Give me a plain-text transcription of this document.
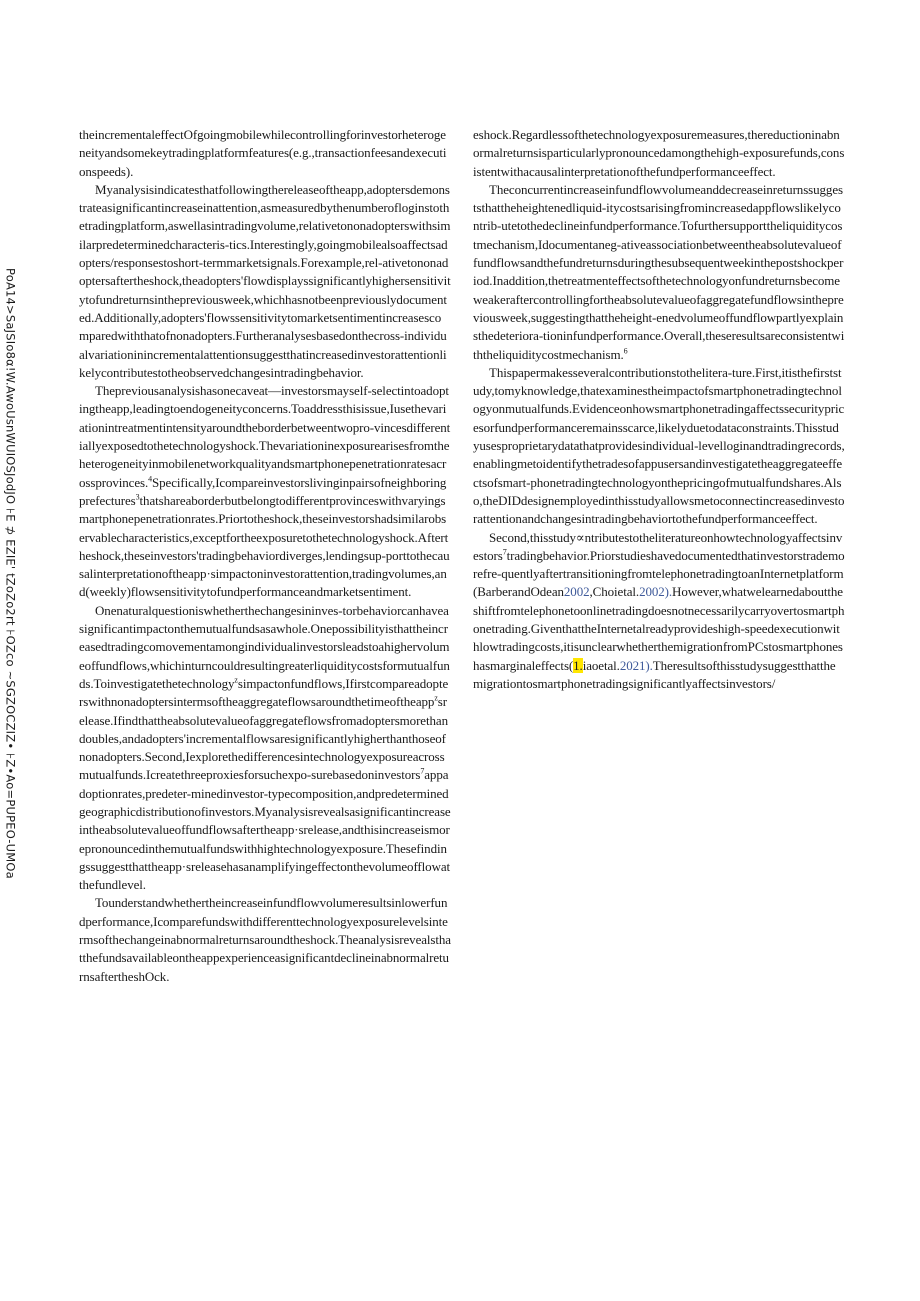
PoA14>SaJSIo8α!W.AwoUsnWUIOSJodJO ⊦E ⊅ EZIE' tZoZo2rt ⊦OZco ~SGZOCZIZ• ⊦Z•Ao=PUPEO-UMOa

theincrementaleffectOfgoingmobilewhilecontrollingforinvestorheterogeneityandsomekeytradingplatformfeatures(e.g.,transactionfeesandexecutionspeeds).

Myanalysisindicatesthatfollowingthereleaseoftheapp,adoptersdemonstrateasignificantincreaseinattention,asmeasuredbythenumberofloginstothetradingplatform,aswellasintradingvolume,relativetononadopterswithsimilarpredeterminedcharacteris-tics.Interestingly,goingmobilealsoaffectsadopters/responsestoshort-termmarketsignals.Forexample,rel-ativetononadoptersaftertheshock,theadopters'flowdisplayssignificantlyhighersensitivitytofundreturnsinthepreviousweek,whichhasnotbeenpreviouslydocumented.Additionally,adopters'flowssensitivitytomarketsentimentincreasescomparedwiththatofnonadopters.Furtheranalysesbasedonthecross-individualvariationinincrementalattentionsuggestthatincreasedinvestorattentionlikelycontributestotheobservedchangesintradingbehavior.

Thepreviousanalysishasonecaveat—investorsmayself-selectintoadoptingtheapp,leadingtoendogeneityconcerns.Toaddressthisissue,Iusethevariationintreatmentintensityaroundtheborderbetweentwopro-vincesdifferentiallyexposedtothetechnologyshock.Thevariationinexposurearisesfromtheheterogeneityinmobilenetworkqualityandsmartphonepenetrationratesacrossprovinces.$^4$Specifically,Icompareinvestorslivinginpairsofneighboringprefectures$^3$thatshareaborderbutbelongtodifferentprovinceswithvaryingsmartphonepenetrationrates.Priortotheshock,theseinvestorshadsimilarobservablecharacteristics,exceptfortheexposuretothetechnologyshock.Aftertheshock,theseinvestors'tradingbehaviordiverges,lendingsup-porttothecausalinterpretationoftheapp·simpactoninvestorattention,tradingvolumes,and(weekly)flowsensitivitytofundperformanceandmarketsentiment.

Onenaturalquestioniswhetherthechangesininves-torbehaviorcanhaveasignificantimpactonthemutualfundsasawhole.Onepossibilityisthattheincreasedtradingcomovementamongindividualinvestorsleadstoahighervolumeoffundflows,whichinturncouldresultingreaterliquiditycostsformutualfunds.Toinvestigatethetechnology$^z$simpactonfundflows,Ifirstcompareadopterswithnonadoptersintermsoftheaggregateflowsaroundthetimeoftheapp$^z$srelease.Ifindthattheabsolutevalueofaggregateflowsfromadoptersmorethandoubles,andadopters'incrementalflowsaresignificantlyhigherthanthoseofnonadopters.Second,Iexplorethedifferencesintechnologyexposureacrossmutualfunds.Icreatethreeproxiesforsuchexpo-surebasedoninvestors$^7$appadoptionrates,predeter-minedinvestor-typecomposition,andpredeterminedgeographicdistributionofinvestors.Myanalysisrevealsasignificantincreaseintheabsolutevalueoffundflowsaftertheapp·srelease,andthisincreaseismorepronouncedinthemutualfundswithhightechnologyexposure.Thesefindingssuggestthattheapp·sreleasehasanamplifyingeffectonthevolumeofflowatthefundlevel.

Tounderstandwhethertheincreaseinfundflowvolumeresultsinlowerfundperformance,Icomparefundswithdifferenttechnologyexposurelevelsintermsofthechangeinabnormalreturnsaroundtheshock.TheanalysisrevealsthatthefundsavailableontheappexperienceasignificantdeclineinabnormalreturnsaftertheshOck.

eshock.Regardlessofthetechnologyexposuremeasures,thereductioninabnormalreturnsisparticularlypronouncedamongthehigh-exposurefunds,consistentwithacausalinterpretationofthefundperformanceeffect.

Theconcurrentincreaseinfundflowvolumeanddecreaseinreturnssuggeststhattheheightenedliquid-itycostsarisingfromincreasedappflowslikelycontrib-utetothedeclineinfundperformance.Tofurthersupporttheliquiditycostmechanism,Idocumentaneg-ativeassociationbetweentheabsolutevalueoffundflowsandthefundreturnsduringthesubsequentweekinthepostshockperiod.Inaddition,thetreatmenteffectsofthetechnologyonfundreturnsbecomeweakeraftercontrollingfortheabsolutevalueofaggregatefundflowsinthepreviousweek,suggestingthattheheight-enedvolumeoffundflowpartlyexplainsthedeteriora-tioninfundperformance.Overall,theseresultsareconsistentwiththeliquiditycostmechanism.$^6$

Thispapermakesseveralcontributionstothelitera-ture.First,itisthefirststudy,tomyknowledge,thatexaminestheimpactofsmartphonetradingtechnologyonmutualfunds.Evidenceonhowsmartphonetradingaffectssecuritypricesorfundperformanceremainsscarce,likelyduetodataconstraints.Thisstudyusesproprietarydatathatprovidesindividual-levelloginandtradingrecords,enablingmetoidentifythetradesofappusersandinvestigatetheaggregateeffectsofsmart-phonetradingtechnologyonthepricingofmutualfundshares.Also,theDIDdesignemployedinthisstudyallowsmetoconnectincreasedinvestorattentionandchangesintradingbehaviortothefundperformanceeffect.

Second,thisstudy∝ntributestotheliteratureonhowtechnologyaffectsinvestors$^7$tradingbehavior.Priorstudieshavedocumentedthatinvestorstrademorefre-quentlyaftertransitioningfromtelephonetradingtoanInternetplatform(BarberandOdean2002,Choietal.2002).However,whatwelearnedabouttheshiftfromtelephonetoonlinetradingdoesnotnecessarilycarryovertosmartphonetrading.GiventhattheInternetalreadyprovideshigh-speedexecutionwithlowtradingcosts,itisunclearwhetherthemigrationfromPCstosmartphoneshasmarginaleffects(1.iaoetal.2021).Theresultsofthisstudysuggestthatthemigrationtosmartphonetradingsignificantlyaffectsinvestors/
